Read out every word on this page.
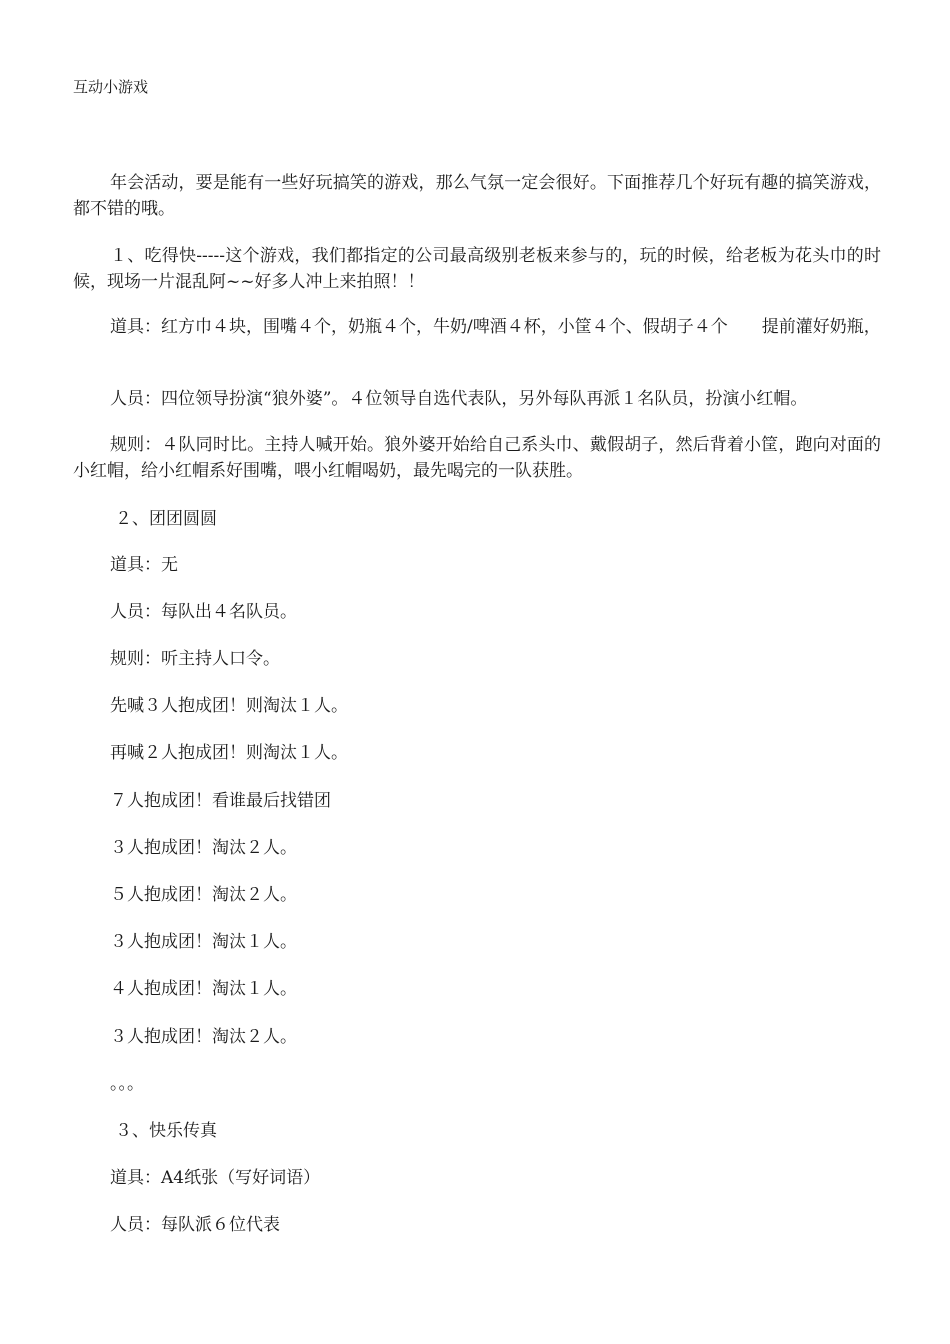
互动小游戏

年会活动，要是能有一些好玩搞笑的游戏，那么气氛一定会很好。下面推荐几个好玩有趣的搞笑游戏，都不错的哦。

１、吃得快-----这个游戏，我们都指定的公司最高级别老板来参与的，玩的时候，给老板为花头巾的时候，现场一片混乱阿~~好多人冲上来拍照！！

道具：红方巾４块，围嘴４个，奶瓶４个，牛奶/啤酒４杯，小筐４个、假胡子４个　　提前灌好奶瓶，

人员：四位领导扮演“狼外婆”。４位领导自选代表队，另外每队再派１名队员，扮演小红帽。

规则：４队同时比。主持人喊开始。狼外婆开始给自己系头巾、戴假胡子，然后背着小筐，跑向对面的小红帽，给小红帽系好围嘴，喂小红帽喝奶，最先喝完的一队获胜。

２、团团圆圆

道具：无

人员：每队出４名队员。

规则：听主持人口令。

先喊３人抱成团！则淘汰１人。

再喊２人抱成团！则淘汰１人。

７人抱成团！看谁最后找错团

３人抱成团！淘汰２人。

５人抱成团！淘汰２人。

３人抱成团！淘汰１人。

４人抱成团！淘汰１人。

３人抱成团！淘汰２人。

。。。

３、快乐传真

道具：A4纸张（写好词语）

人员：每队派６位代表
